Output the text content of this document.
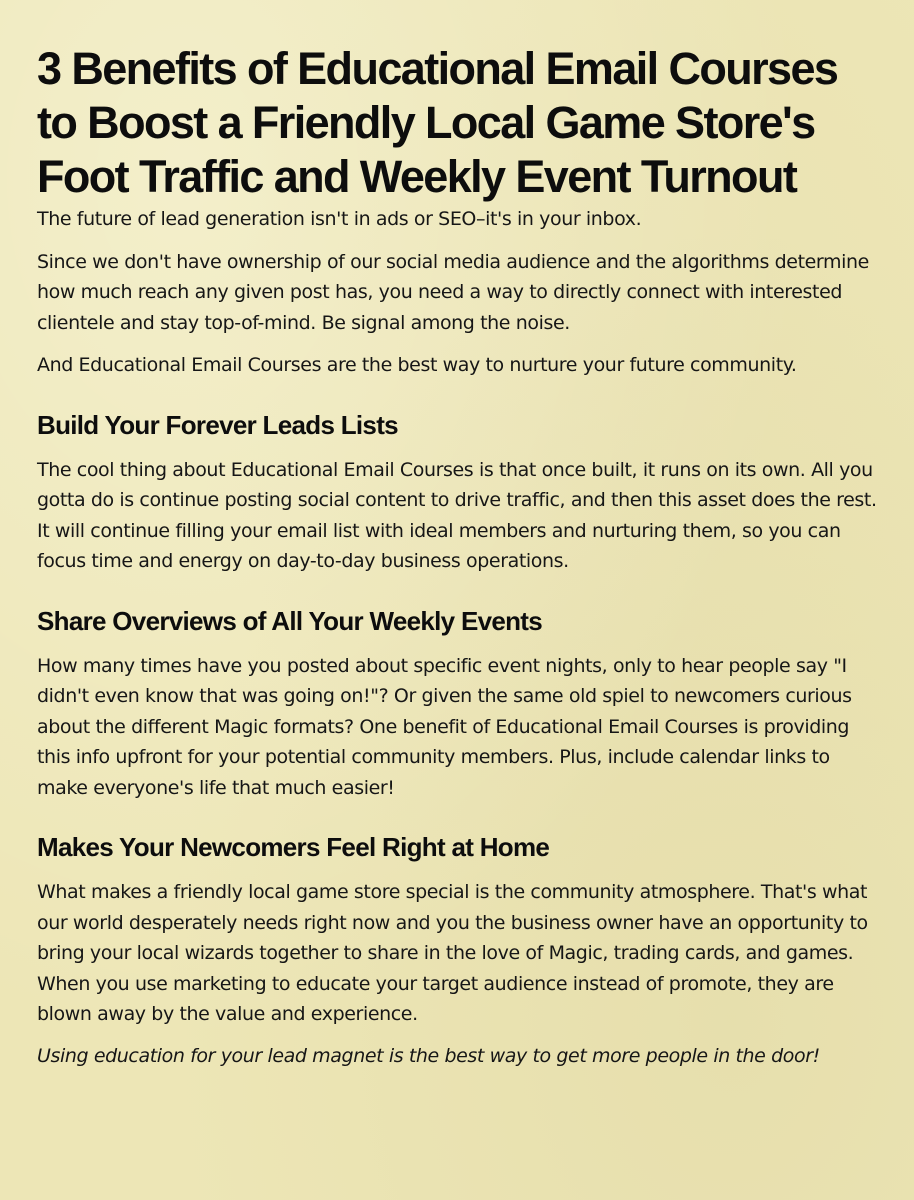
3 Benefits of Educational Email Courses to Boost a Friendly Local Game Store's Foot Traffic and Weekly Event Turnout

The future of lead generation isn't in ads or SEO–it's in your inbox.

Since we don't have ownership of our social media audience and the algorithms determine how much reach any given post has, you need a way to directly connect with interested clientele and stay top-of-mind. Be signal among the noise.

And Educational Email Courses are the best way to nurture your future community.

Build Your Forever Leads Lists

The cool thing about Educational Email Courses is that once built, it runs on its own. All you gotta do is continue posting social content to drive traffic, and then this asset does the rest. It will continue filling your email list with ideal members and nurturing them, so you can focus time and energy on day-to-day business operations.

Share Overviews of All Your Weekly Events

How many times have you posted about specific event nights, only to hear people say "I didn't even know that was going on!"? Or given the same old spiel to newcomers curious about the different Magic formats? One benefit of Educational Email Courses is providing this info upfront for your potential community members. Plus, include calendar links to make everyone's life that much easier!

Makes Your Newcomers Feel Right at Home

What makes a friendly local game store special is the community atmosphere. That's what our world desperately needs right now and you the business owner have an opportunity to bring your local wizards together to share in the love of Magic, trading cards, and games. When you use marketing to educate your target audience instead of promote, they are blown away by the value and experience.

Using education for your lead magnet is the best way to get more people in the door!
